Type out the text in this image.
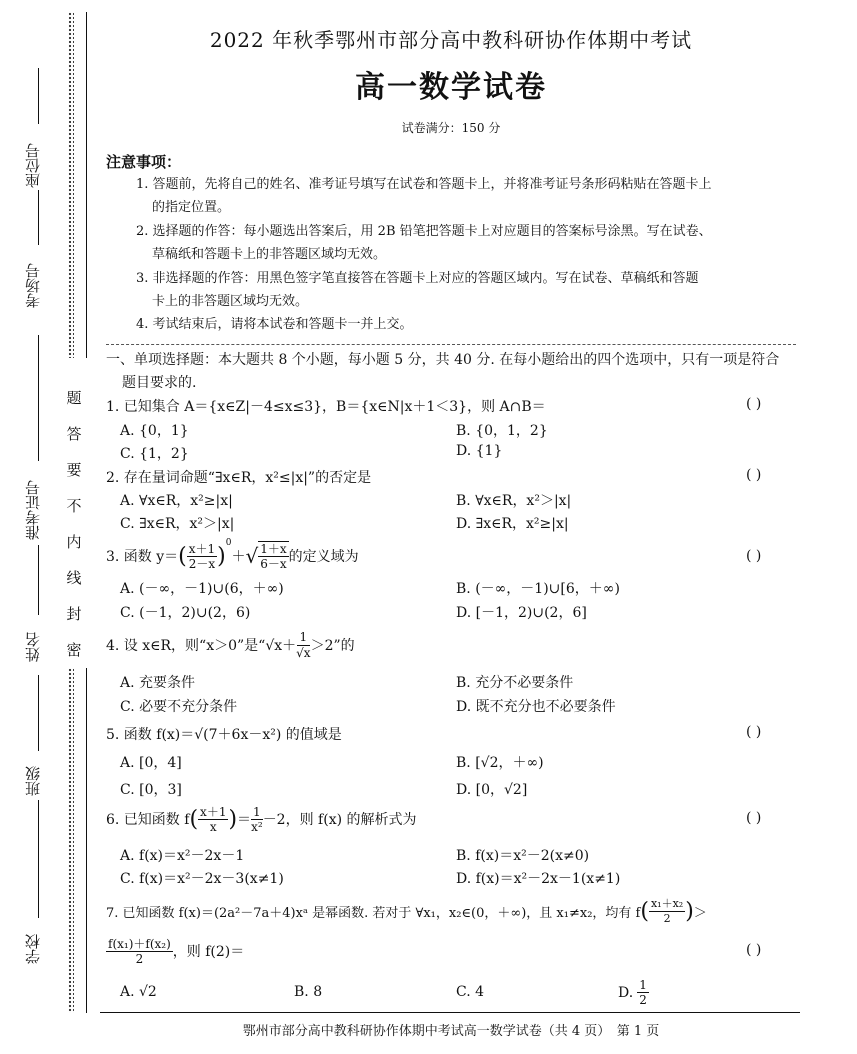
座位号
考场号
准考证号
姓名
班级
学校
题
答
要
不
内
线
封
密
2022 年秋季鄂州市部分高中教科研协作体期中考试
高一数学试卷
试卷满分：150 分
注意事项：
1. 答题前，先将自己的姓名、准考证号填写在试卷和答题卡上，并将准考证号条形码粘贴在答题卡上
的指定位置。
2. 选择题的作答：每小题选出答案后，用 2B 铅笔把答题卡上对应题目的答案标号涂黑。写在试卷、
草稿纸和答题卡上的非答题区域均无效。
3. 非选择题的作答：用黑色签字笔直接答在答题卡上对应的答题区域内。写在试卷、草稿纸和答题
卡上的非答题区域均无效。
4. 考试结束后，请将本试卷和答题卡一并上交。
一、单项选择题：本大题共 8 个小题，每小题 5 分，共 40 分. 在每小题给出的四个选项中，只有一项是符合
题目要求的.
1. 已知集合 A＝{x∈Z|－4≤x≤3}，B＝{x∈N|x＋1＜3}，则 A∩B＝	( )
A. {0，1}	B. {0，1，2}
C. {1，2}	D. {1}
2. 存在量词命题“∃x∈R，x²≤|x|”的否定是	( )
A. ∀x∈R，x²≥|x|	B. ∀x∈R，x²＞|x|
C. ∃x∈R，x²＞|x|	D. ∃x∈R，x²≥|x|
3. 函数 y＝ ( $\frac{x+1}{2-x}$ )
$^0$
＋ √ $\frac{1+x}{6-x}$ 的定义域为	( )
A. (－∞，－1)∪(6，＋∞)	B. (－∞，－1)∪[6，＋∞)
C. (－1，2)∪(2，6)	D. [－1，2)∪(2，6]
4. 设 x∈R，则“x＞0”是“$√x+ \frac{1}{√x} >2$”的
A. 充要条件	B. 充分不必要条件
C. 必要不充分条件	D. 既不充分也不必要条件
5. 函数 f(x)＝√(7＋6x－x²) 的值域是	( )
A. [0，4]	B. [√2，＋∞)
C. [0，3]	D. [0，√2]
6. 已知函数 f ( $\frac{x+1}{x}$ ) ＝ $\frac{1}{\text{x²}} -2$，则 f(x) 的解析式为	( )
A. f(x)＝x²－2x－1	B. f(x)＝x²－2(x≠0)
C. f(x)＝x²－2x－3(x≠1)	D. f(x)＝x²－2x－1(x≠1)
7. 已知函数 f(x)＝(2a²－7a＋4)xᵃ 是幂函数. 若对于 ∀x₁，x₂∈(0，＋∞)，且 x₁≠x₂，均有 f ( $\frac{\text{x₁＋x₂}}{2}$ ) ＞
$\frac{\text{f(x₁)＋f(x₂)}}{2}$ ，则 f(2)＝	( )
A. √2	B. 8	C. 4	D. $\frac{1}{2}$
鄂州市部分高中教科研协作体期中考试高一数学试卷（共 4 页）　第 1 页
